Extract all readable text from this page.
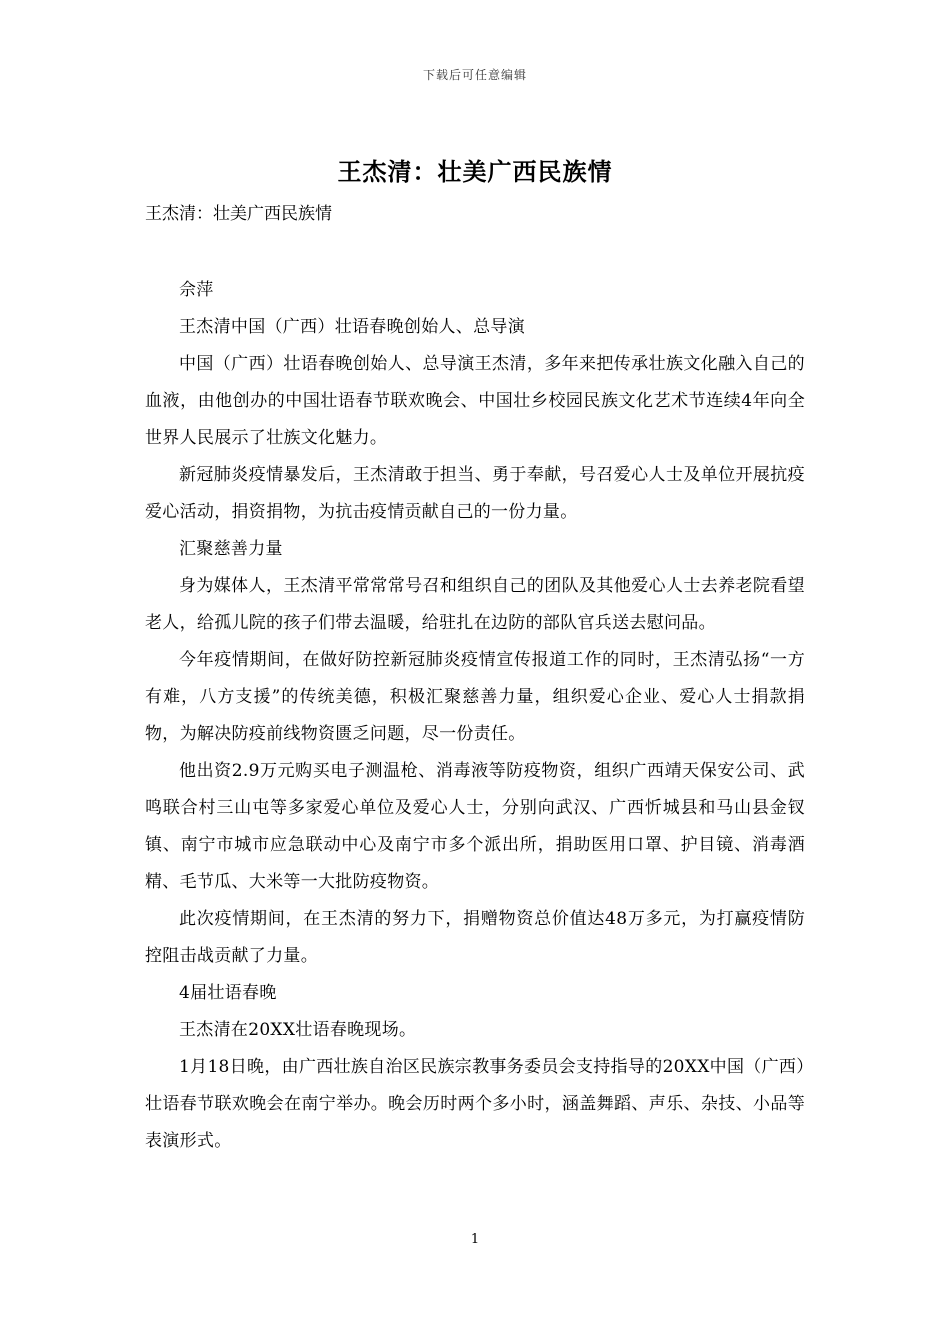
下载后可任意编辑
王杰清：壮美广西民族情
王杰清：壮美广西民族情

佘萍

王杰清中国（广西）壮语春晚创始人、总导演

中国（广西）壮语春晚创始人、总导演王杰清，多年来把传承壮族文化融入自己的血液，由他创办的中国壮语春节联欢晚会、中国壮乡校园民族文化艺术节连续4年向全世界人民展示了壮族文化魅力。

新冠肺炎疫情暴发后，王杰清敢于担当、勇于奉献，号召爱心人士及单位开展抗疫爱心活动，捐资捐物，为抗击疫情贡献自己的一份力量。

汇聚慈善力量

身为媒体人，王杰清平常常常号召和组织自己的团队及其他爱心人士去养老院看望老人，给孤儿院的孩子们带去温暖，给驻扎在边防的部队官兵送去慰问品。

今年疫情期间，在做好防控新冠肺炎疫情宣传报道工作的同时，王杰清弘扬“一方有难，八方支援”的传统美德，积极汇聚慈善力量，组织爱心企业、爱心人士捐款捐物，为解决防疫前线物资匮乏问题，尽一份责任。

他出资2.9万元购买电子测温枪、消毒液等防疫物资，组织广西靖天保安公司、武鸣联合村三山屯等多家爱心单位及爱心人士，分别向武汉、广西忻城县和马山县金钗镇、南宁市城市应急联动中心及南宁市多个派出所，捐助医用口罩、护目镜、消毒酒精、毛节瓜、大米等一大批防疫物资。

此次疫情期间，在王杰清的努力下，捐赠物资总价值达48万多元，为打赢疫情防控阻击战贡献了力量。

4届壮语春晚

王杰清在20XX壮语春晚现场。

1月18日晚，由广西壮族自治区民族宗教事务委员会支持指导的20XX中国（广西）壮语春节联欢晚会在南宁举办。晚会历时两个多小时，涵盖舞蹈、声乐、杂技、小品等表演形式。

1
